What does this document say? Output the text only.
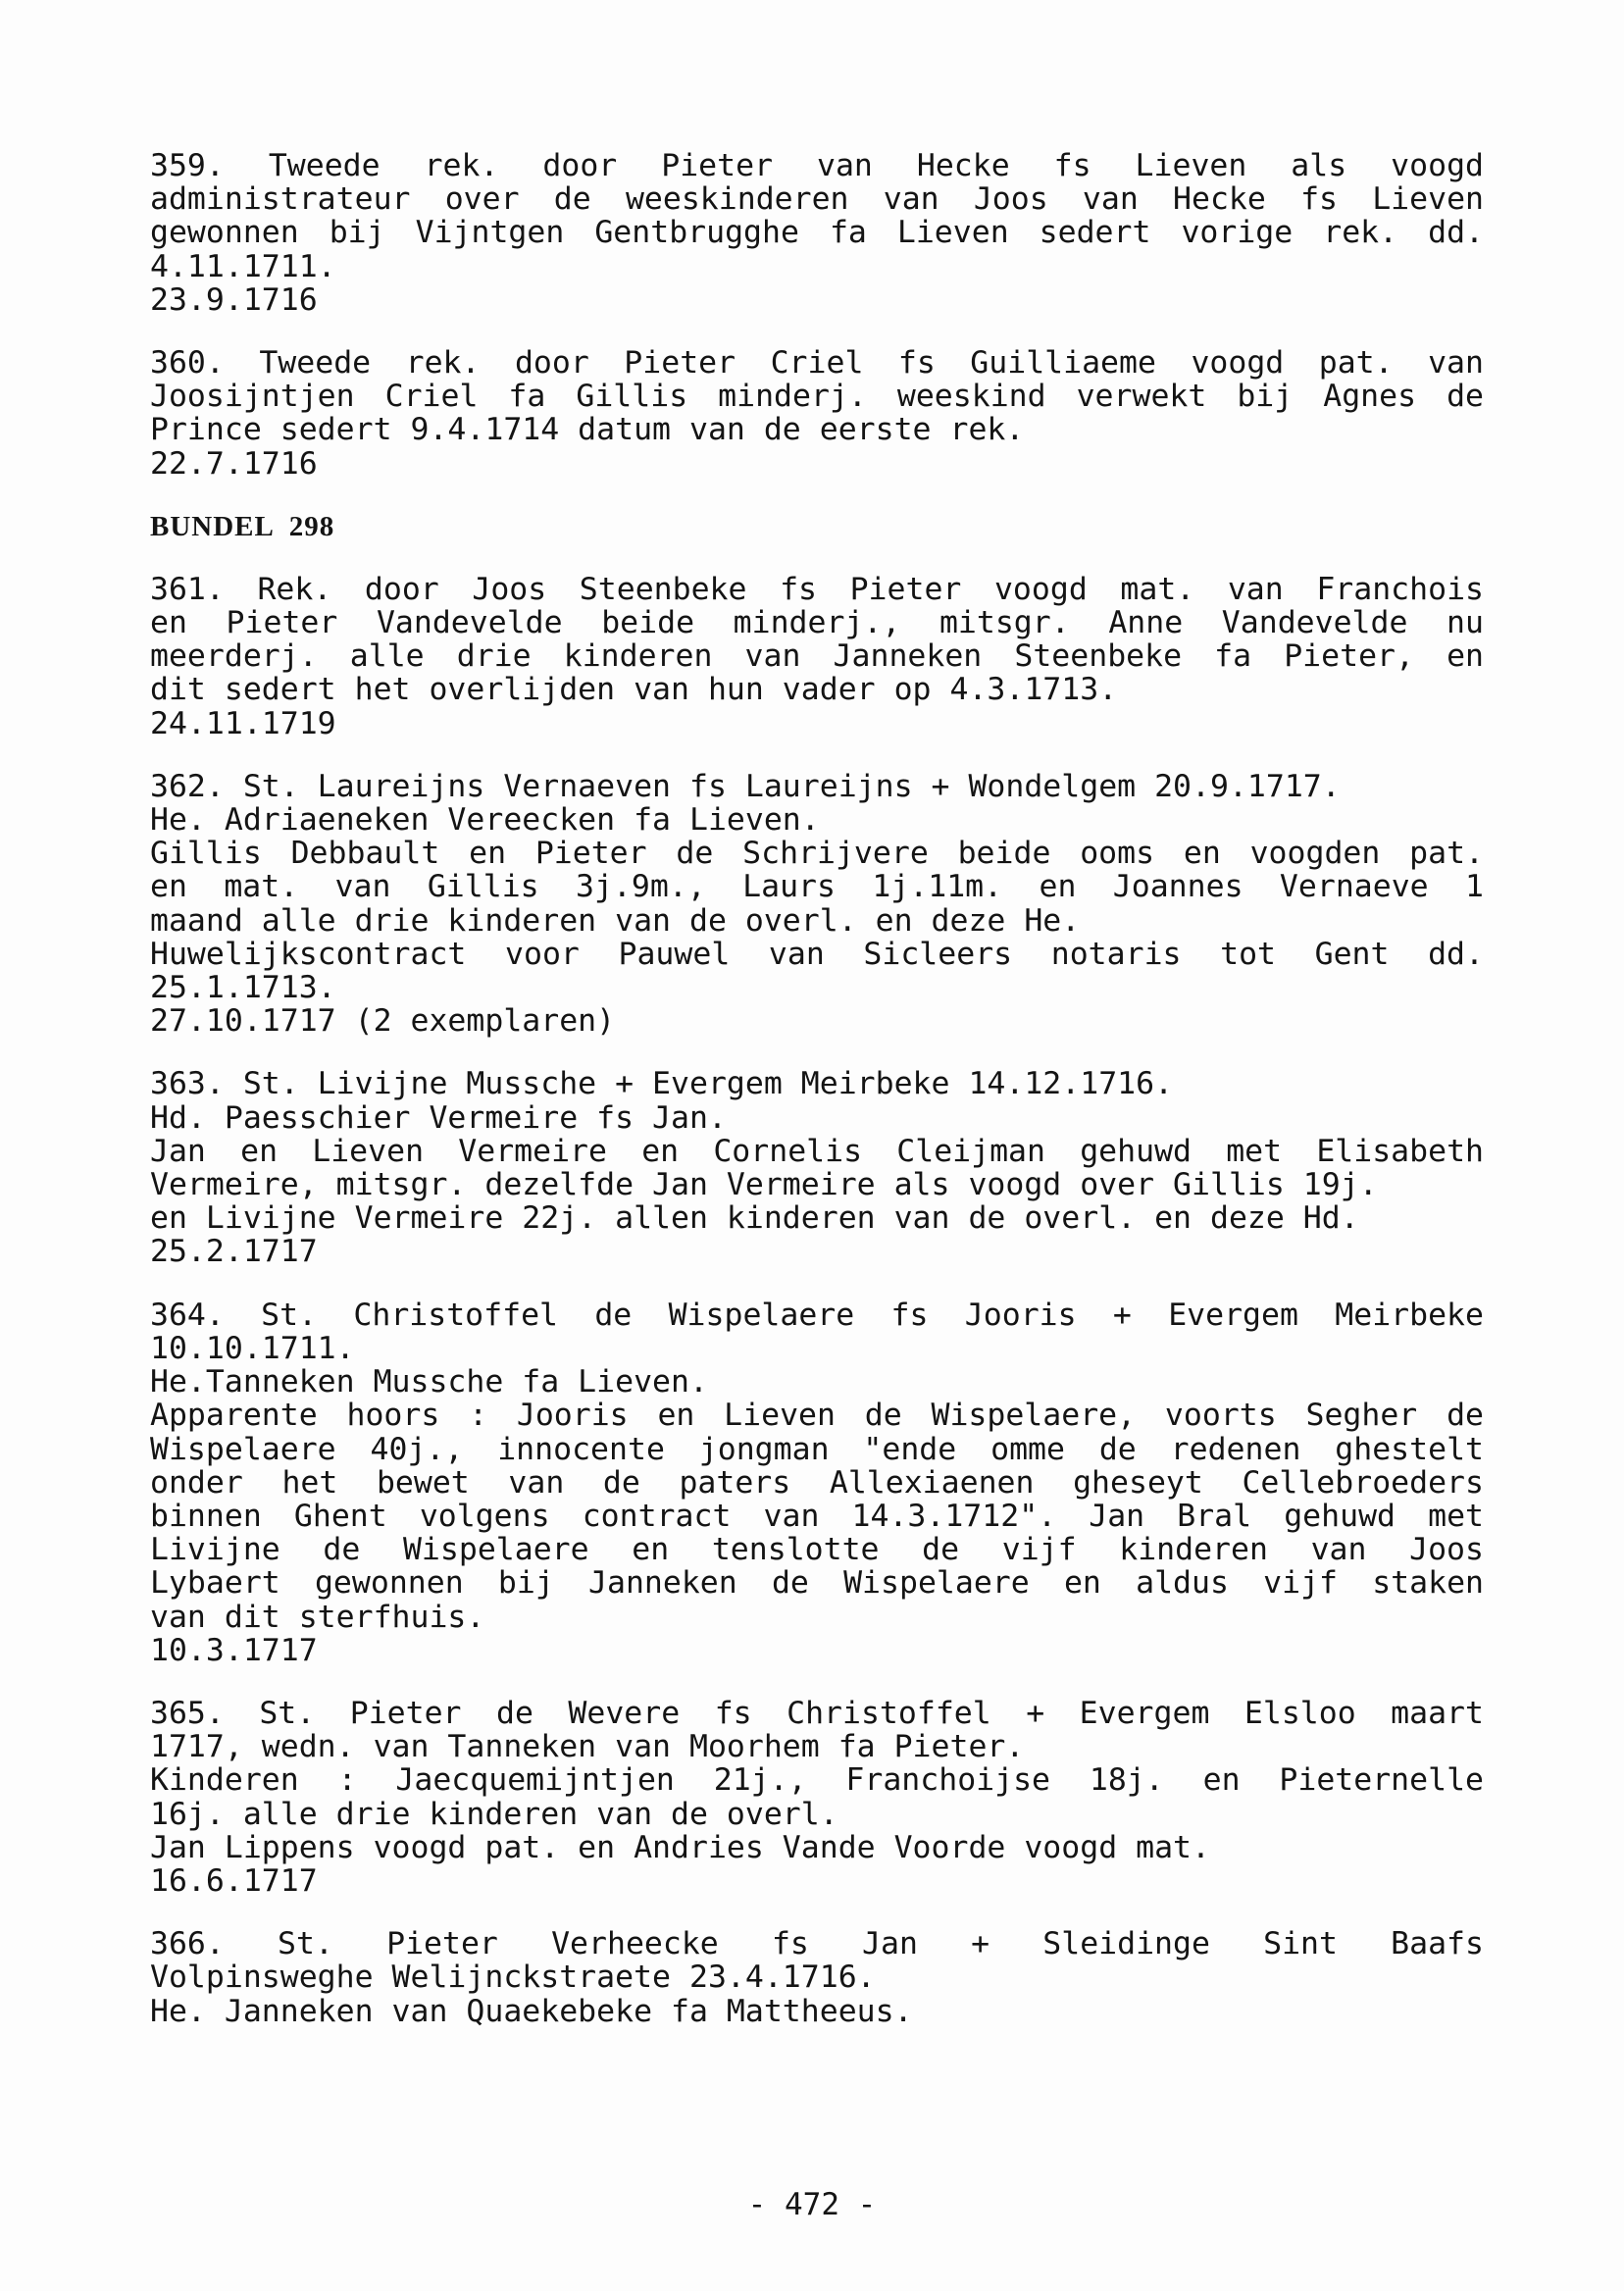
359. Tweede rek. door Pieter van Hecke fs Lieven als voogd
administrateur over de weeskinderen van Joos van Hecke fs Lieven
gewonnen bij Vijntgen Gentbrugghe fa Lieven sedert vorige rek. dd.
4.11.1711.
23.9.1716
360. Tweede rek. door Pieter Criel fs Guilliaeme voogd pat. van
Joosijntjen Criel fa Gillis minderj. weeskind verwekt bij Agnes de
Prince sedert 9.4.1714 datum van de eerste rek.
22.7.1716
BUNDEL  298
361. Rek. door Joos Steenbeke fs Pieter voogd mat. van Franchois
en Pieter Vandevelde beide minderj., mitsgr. Anne Vandevelde nu
meerderj. alle drie kinderen van Janneken Steenbeke fa Pieter, en
dit sedert het overlijden van hun vader op 4.3.1713.
24.11.1719
362. St. Laureijns Vernaeven fs Laureijns + Wondelgem 20.9.1717.
He. Adriaeneken Vereecken fa Lieven.
Gillis Debbault en Pieter de Schrijvere beide ooms en voogden pat.
en mat. van Gillis 3j.9m., Laurs 1j.11m. en Joannes Vernaeve 1
maand alle drie kinderen van de overl. en deze He.
Huwelijkscontract voor Pauwel van Sicleers notaris tot Gent dd.
25.1.1713.
27.10.1717 (2 exemplaren)
363. St. Livijne Mussche + Evergem Meirbeke 14.12.1716.
Hd. Paesschier Vermeire fs Jan.
Jan en Lieven Vermeire en Cornelis Cleijman gehuwd met Elisabeth
Vermeire, mitsgr. dezelfde Jan Vermeire als voogd over Gillis 19j.
en Livijne Vermeire 22j. allen kinderen van de overl. en deze Hd.
25.2.1717
364. St. Christoffel de Wispelaere fs Jooris + Evergem Meirbeke
10.10.1711.
He.Tanneken Mussche fa Lieven.
Apparente hoors : Jooris en Lieven de Wispelaere, voorts Segher de
Wispelaere 40j., innocente jongman "ende omme de redenen ghestelt
onder het bewet van de paters Allexiaenen gheseyt Cellebroeders
binnen Ghent volgens contract van 14.3.1712". Jan Bral gehuwd met
Livijne de Wispelaere en tenslotte de vijf kinderen van Joos
Lybaert gewonnen bij Janneken de Wispelaere en aldus vijf staken
van dit sterfhuis.
10.3.1717
365. St. Pieter de Wevere fs Christoffel + Evergem Elsloo maart
1717, wedn. van Tanneken van Moorhem fa Pieter.
Kinderen : Jaecquemijntjen 21j., Franchoijse 18j. en Pieternelle
16j. alle drie kinderen van de overl.
Jan Lippens voogd pat. en Andries Vande Voorde voogd mat.
16.6.1717
366. St. Pieter Verheecke fs Jan + Sleidinge Sint Baafs
Volpinsweghe Welijnckstraete 23.4.1716.
He. Janneken van Quaekebeke fa Mattheeus.
- 472 -
